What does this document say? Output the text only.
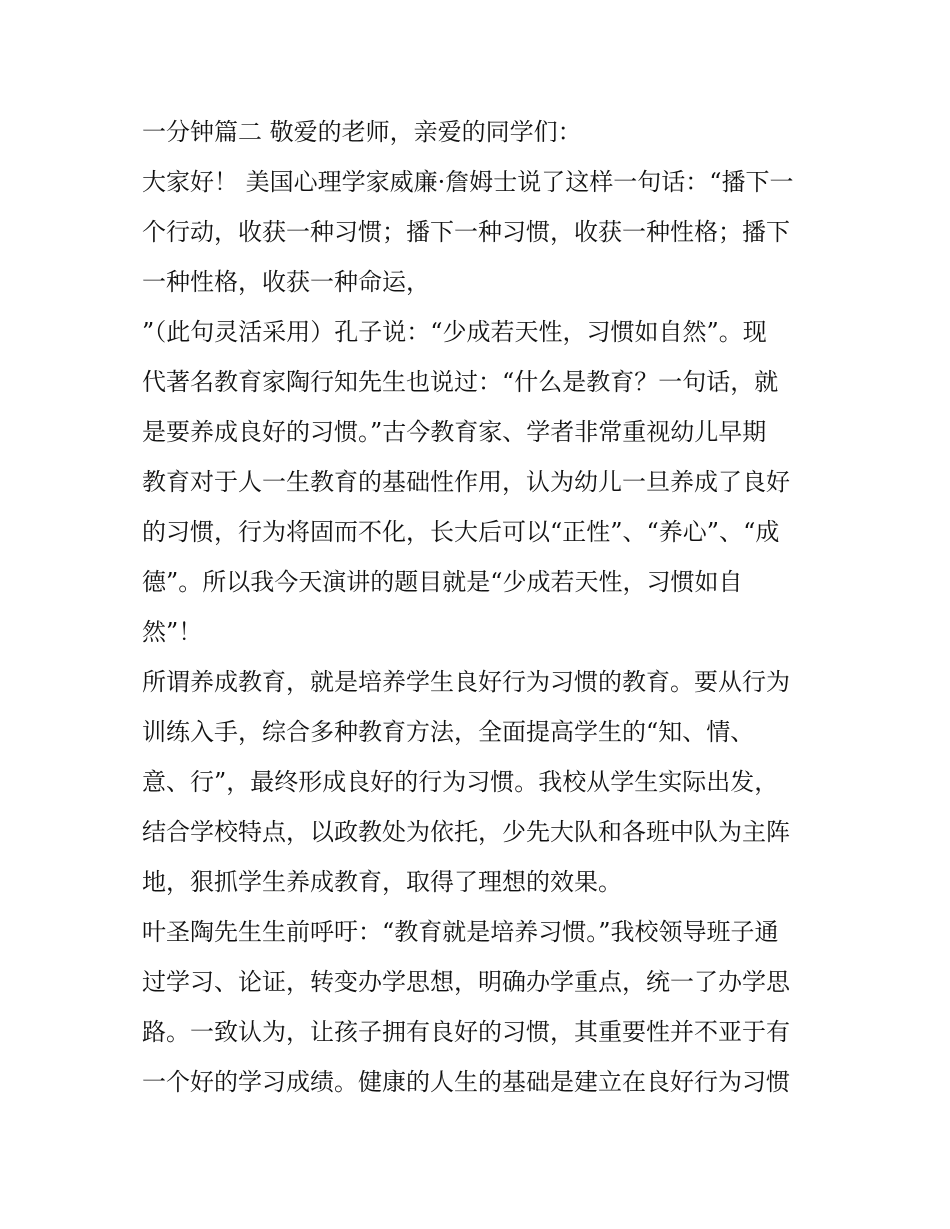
一分钟篇二 敬爱的老师，亲爱的同学们：
大家好！ 美国心理学家威廉·詹姆士说了这样一句话：“播下一
个行动，收获一种习惯；播下一种习惯，收获一种性格；播下
一种性格，收获一种命运，
”（此句灵活采用）孔子说：“少成若天性，习惯如自然”。现
代著名教育家陶行知先生也说过：“什么是教育？一句话，就
是要养成良好的习惯。”古今教育家、学者非常重视幼儿早期
教育对于人一生教育的基础性作用，认为幼儿一旦养成了良好
的习惯，行为将固而不化，长大后可以“正性”、“养心”、“成
德”。所以我今天演讲的题目就是“少成若天性，习惯如自
然”！
所谓养成教育，就是培养学生良好行为习惯的教育。要从行为
训练入手，综合多种教育方法，全面提高学生的“知、情、
意、行”，最终形成良好的行为习惯。我校从学生实际出发，
结合学校特点，以政教处为依托，少先大队和各班中队为主阵
地，狠抓学生养成教育，取得了理想的效果。
叶圣陶先生生前呼吁：“教育就是培养习惯。”我校领导班子通
过学习、论证，转变办学思想，明确办学重点，统一了办学思
路。一致认为，让孩子拥有良好的习惯，其重要性并不亚于有
一个好的学习成绩。健康的人生的基础是建立在良好行为习惯
